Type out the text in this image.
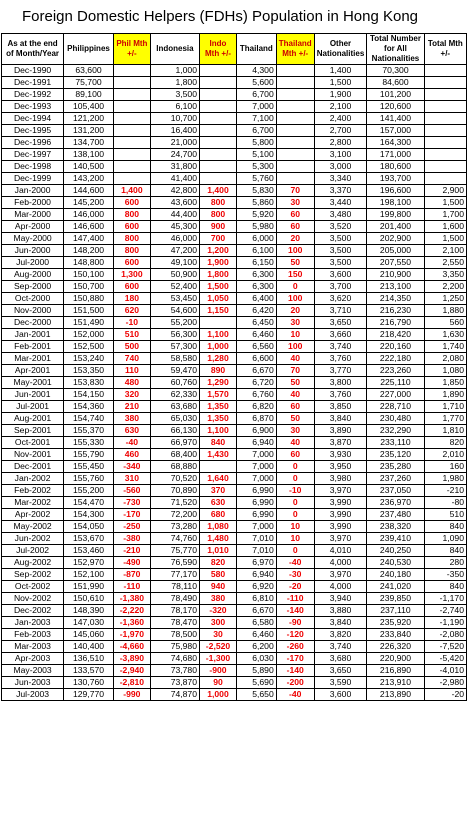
Foreign Domestic Helpers (FDHs) Population in Hong Kong
As at the end of Month/Year	Philippines	Phil Mth +/-	Indonesia	Indo Mth +/-	Thailand	Thailand Mth +/-	Other Nationalities	Total Number for All Nationalities	Total Mth +/-
Dec-1990	63,600		1,000		4,300		1,400	70,300	
Dec-1991	75,700		1,800		5,600		1,500	84,600	
Dec-1992	89,100		3,500		6,700		1,900	101,200	
Dec-1993	105,400		6,100		7,000		2,100	120,600	
Dec-1994	121,200		10,700		7,100		2,400	141,400	
Dec-1995	131,200		16,400		6,700		2,700	157,000	
Dec-1996	134,700		21,000		5,800		2,800	164,300	
Dec-1997	138,100		24,700		5,100		3,100	171,000	
Dec-1998	140,500		31,800		5,300		3,000	180,600	
Dec-1999	143,200		41,400		5,760		3,340	193,700	
Jan-2000	144,600	1,400	42,800	1,400	5,830	70	3,370	196,600	2,900
Feb-2000	145,200	600	43,600	800	5,860	30	3,440	198,100	1,500
Mar-2000	146,000	800	44,400	800	5,920	60	3,480	199,800	1,700
Apr-2000	146,600	600	45,300	900	5,980	60	3,520	201,400	1,600
May-2000	147,400	800	46,000	700	6,000	20	3,500	202,900	1,500
Jun-2000	148,200	800	47,200	1,200	6,100	100	3,500	205,000	2,100
Jul-2000	148,800	600	49,100	1,900	6,150	50	3,500	207,550	2,550
Aug-2000	150,100	1,300	50,900	1,800	6,300	150	3,600	210,900	3,350
Sep-2000	150,700	600	52,400	1,500	6,300	0	3,700	213,100	2,200
Oct-2000	150,880	180	53,450	1,050	6,400	100	3,620	214,350	1,250
Nov-2000	151,500	620	54,600	1,150	6,420	20	3,710	216,230	1,880
Dec-2000	151,490	-10	55,200		6,450	30	3,650	216,790	560
Jan-2001	152,000	510	56,300	1,100	6,460	10	3,660	218,420	1,630
Feb-2001	152,500	500	57,300	1,000	6,560	100	3,740	220,160	1,740
Mar-2001	153,240	740	58,580	1,280	6,600	40	3,760	222,180	2,080
Apr-2001	153,350	110	59,470	890	6,670	70	3,770	223,260	1,080
May-2001	153,830	480	60,760	1,290	6,720	50	3,800	225,110	1,850
Jun-2001	154,150	320	62,330	1,570	6,760	40	3,760	227,000	1,890
Jul-2001	154,360	210	63,680	1,350	6,820	60	3,850	228,710	1,710
Aug-2001	154,740	380	65,030	1,350	6,870	50	3,840	230,480	1,770
Sep-2001	155,370	630	66,130	1,100	6,900	30	3,890	232,290	1,810
Oct-2001	155,330	-40	66,970	840	6,940	40	3,870	233,110	820
Nov-2001	155,790	460	68,400	1,430	7,000	60	3,930	235,120	2,010
Dec-2001	155,450	-340	68,880		7,000	0	3,950	235,280	160
Jan-2002	155,760	310	70,520	1,640	7,000	0	3,980	237,260	1,980
Feb-2002	155,200	-560	70,890	370	6,990	-10	3,970	237,050	-210
Mar-2002	154,470	-730	71,520	630	6,990	0	3,990	236,970	-80
Apr-2002	154,300	-170	72,200	680	6,990	0	3,990	237,480	510
May-2002	154,050	-250	73,280	1,080	7,000	10	3,990	238,320	840
Jun-2002	153,670	-380	74,760	1,480	7,010	10	3,970	239,410	1,090
Jul-2002	153,460	-210	75,770	1,010	7,010	0	4,010	240,250	840
Aug-2002	152,970	-490	76,590	820	6,970	-40	4,000	240,530	280
Sep-2002	152,100	-870	77,170	580	6,940	-30	3,970	240,180	-350
Oct-2002	151,990	-110	78,110	940	6,920	-20	4,000	241,020	840
Nov-2002	150,610	-1,380	78,490	380	6,810	-110	3,940	239,850	-1,170
Dec-2002	148,390	-2,220	78,170	-320	6,670	-140	3,880	237,110	-2,740
Jan-2003	147,030	-1,360	78,470	300	6,580	-90	3,840	235,920	-1,190
Feb-2003	145,060	-1,970	78,500	30	6,460	-120	3,820	233,840	-2,080
Mar-2003	140,400	-4,660	75,980	-2,520	6,200	-260	3,740	226,320	-7,520
Apr-2003	136,510	-3,890	74,680	-1,300	6,030	-170	3,680	220,900	-5,420
May-2003	133,570	-2,940	73,780	-900	5,890	-140	3,650	216,890	-4,010
Jun-2003	130,760	-2,810	73,870	90	5,690	-200	3,590	213,910	-2,980
Jul-2003	129,770	-990	74,870	1,000	5,650	-40	3,600	213,890	-20
